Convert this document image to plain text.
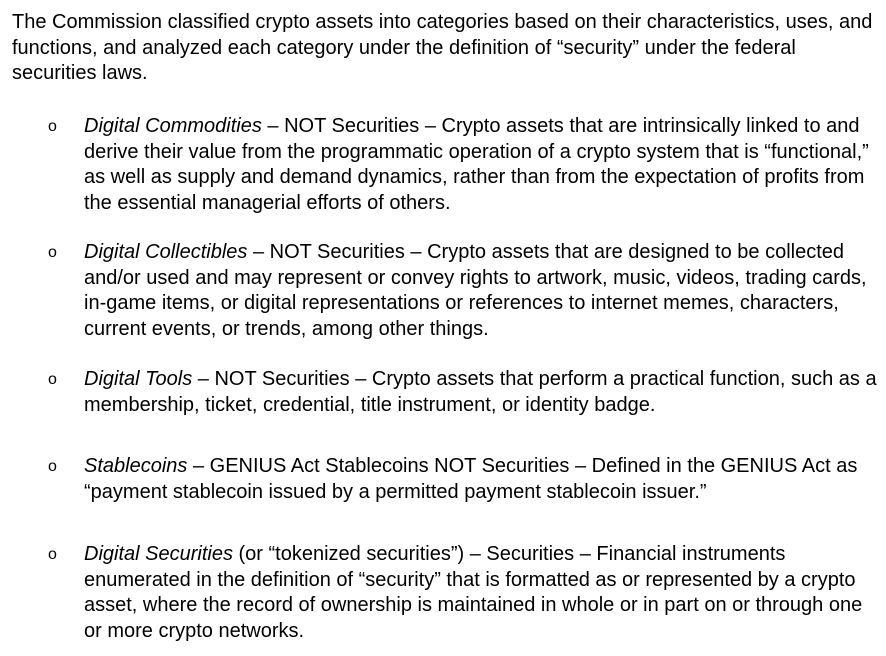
The Commission classified crypto assets into categories based on their characteristics, uses, and functions, and analyzed each category under the definition of “security” under the federal securities laws.

o Digital Commodities – NOT Securities – Crypto assets that are intrinsically linked to and derive their value from the programmatic operation of a crypto system that is “functional,” as well as supply and demand dynamics, rather than from the expectation of profits from the essential managerial efforts of others.
o Digital Collectibles – NOT Securities – Crypto assets that are designed to be collected and/or used and may represent or convey rights to artwork, music, videos, trading cards, in-game items, or digital representations or references to internet memes, characters, current events, or trends, among other things.
o Digital Tools – NOT Securities – Crypto assets that perform a practical function, such as a membership, ticket, credential, title instrument, or identity badge.
o Stablecoins – GENIUS Act Stablecoins NOT Securities – Defined in the GENIUS Act as “payment stablecoin issued by a permitted payment stablecoin issuer.”
o Digital Securities (or “tokenized securities”) – Securities – Financial instruments enumerated in the definition of “security” that is formatted as or represented by a crypto asset, where the record of ownership is maintained in whole or in part on or through one or more crypto networks.
